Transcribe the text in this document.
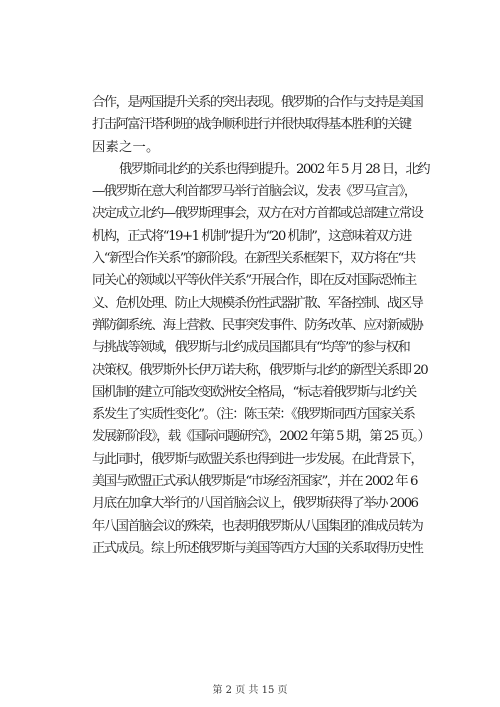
合作，是两国提升关系的突出表现。俄罗斯的合作与支持是美国
打击阿富汗塔利班的战争顺利进行并很快取得基本胜利的关键
因素之一。
俄罗斯同北约的关系也得到提升。2002 年 5 月 28 日，北约
—俄罗斯在意大利首都罗马举行首脑会议，发表《罗马宣言》，
决定成立北约—俄罗斯理事会，双方在对方首都或总部建立常设
机构，正式将“19+1 机制”提升为“20 机制”，这意味着双方进
入“新型合作关系”的新阶段。在新型关系框架下，双方将在“共
同关心的领域以平等伙伴关系”开展合作，即在反对国际恐怖主
义、危机处理、防止大规模杀伤性武器扩散、军备控制、战区导
弹防御系统、海上营救、民事突发事件、防务改革、应对新威胁
与挑战等领域，俄罗斯与北约成员国都具有“均等”的参与权和
决策权。俄罗斯外长伊万诺夫称，俄罗斯与北约的新型关系即 20
国机制的建立可能改变欧洲安全格局，“标志着俄罗斯与北约关
系发生了实质性变化”。（注：陈玉荣：《俄罗斯同西方国家关系
发展新阶段》，载《国际问题研究》，2002 年第 5 期，第 25 页。）
与此同时，俄罗斯与欧盟关系也得到进一步发展。在此背景下，
美国与欧盟正式承认俄罗斯是“市场经济国家”，并在 2002 年 6
月底在加拿大举行的八国首脑会议上，俄罗斯获得了举办 2006
年八国首脑会议的殊荣，也表明俄罗斯从八国集团的准成员转为
正式成员。综上所述俄罗斯与美国等西方大国的关系取得历史性
第 2 页 共 15 页
